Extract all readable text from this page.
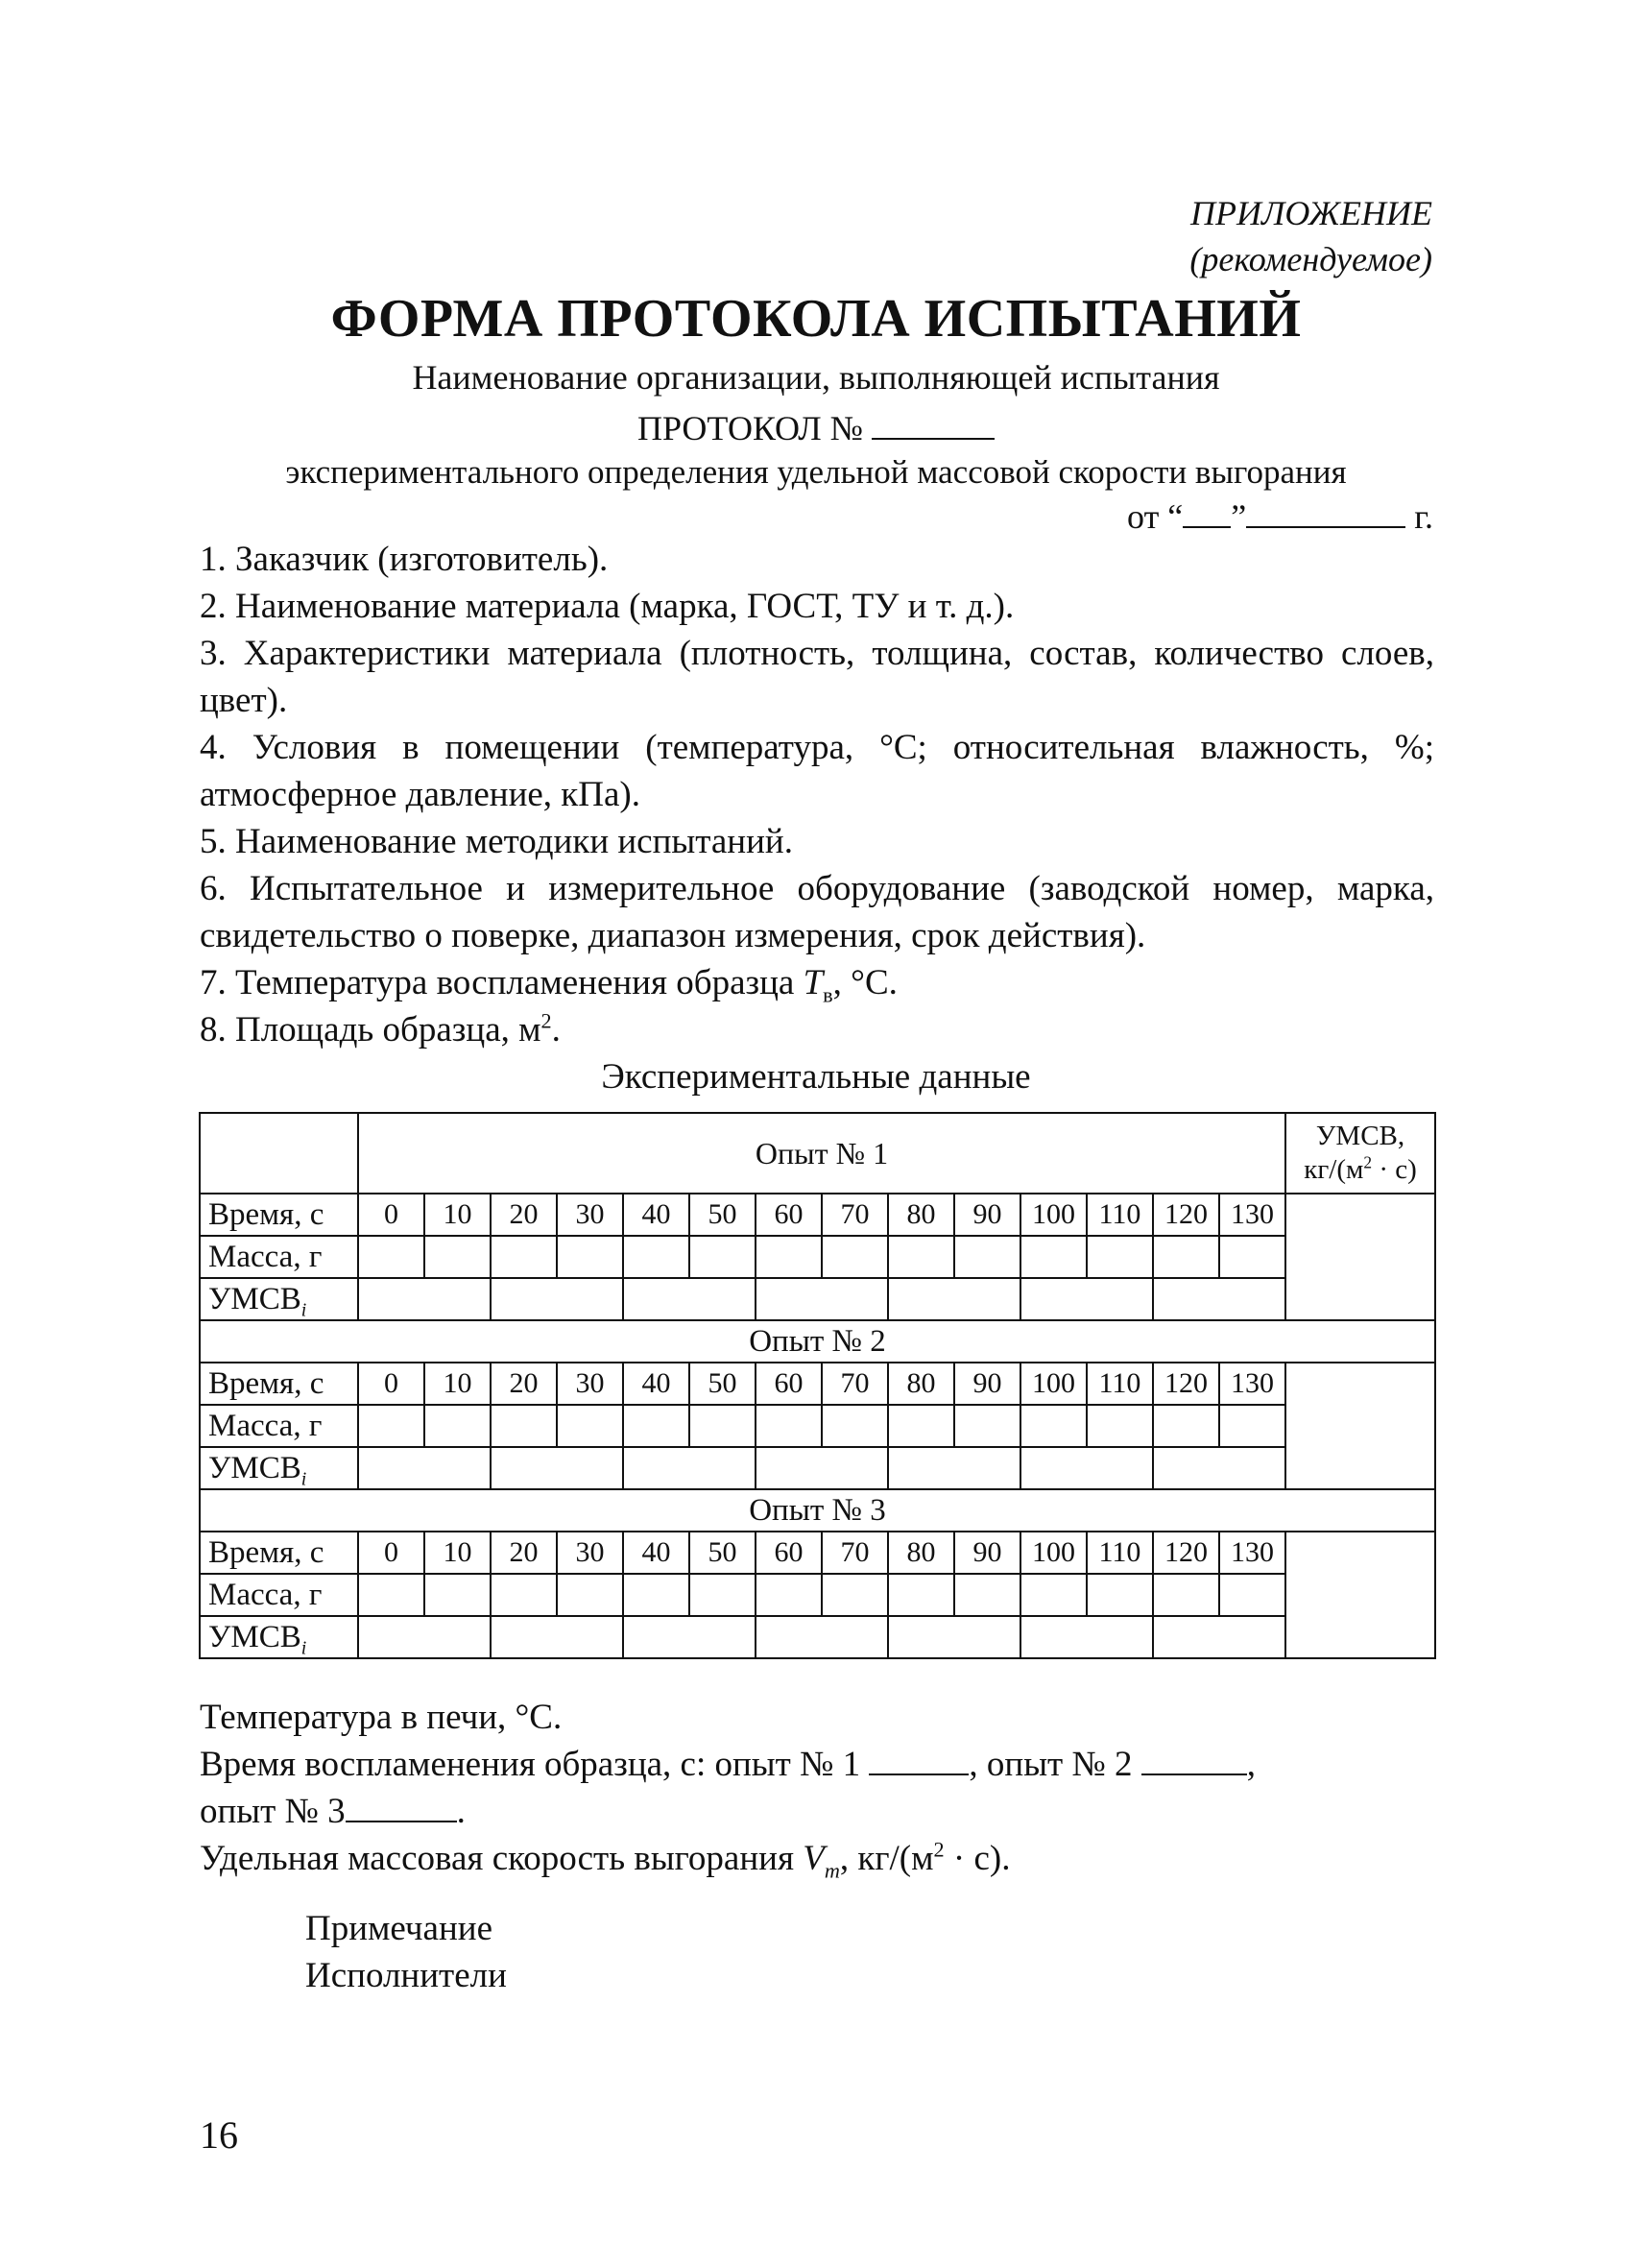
ПРИЛОЖЕНИЕ
(рекомендуемое)
ФОРМА ПРОТОКОЛА ИСПЫТАНИЙ
Наименование организации, выполняющей испытания
ПРОТОКОЛ №
экспериментального определения удельной массовой скорости выгорания
от “ ”	г.
1. Заказчик (изготовитель).
2. Наименование материала (марка, ГОСТ, ТУ и т. д.).
3. Характеристики материала (плотность, толщина, состав, количество слоев, цвет).
4. Условия в помещении (температура, °С; относительная влажность, %; атмосферное давление, кПа).
5. Наименование методики испытаний.
6. Испытательное и измерительное оборудование (заводской номер, марка, свидетельство о поверке, диапазон измерения, срок действия).
7. Температура воспламенения образца $T_в$, °С.
8. Площадь образца, $м^2$.
Экспериментальные данные
	Опыт № 1														УМСВ,
$кг/(м^2 \cdot с)$
Время, с	0	10	20	30	40	50	60	70	80	90	100	110	120	130	
Масса, г															
$УМСВ_i$							
Опыт № 2															
Время, с	0	10	20	30	40	50	60	70	80	90	100	110	120	130	
Масса, г															
$УМСВ_i$							
Опыт № 3															
Время, с	0	10	20	30	40	50	60	70	80	90	100	110	120	130	
Масса, г															
$УМСВ_i$							
Температура в печи, °С.
Время воспламенения образца, с: опыт № 1	, опыт № 2	,
опыт № 3	.
Удельная массовая скорость выгорания $V_m$, $кг/(м^2 \cdot с)$.
Примечание
Исполнители
16
